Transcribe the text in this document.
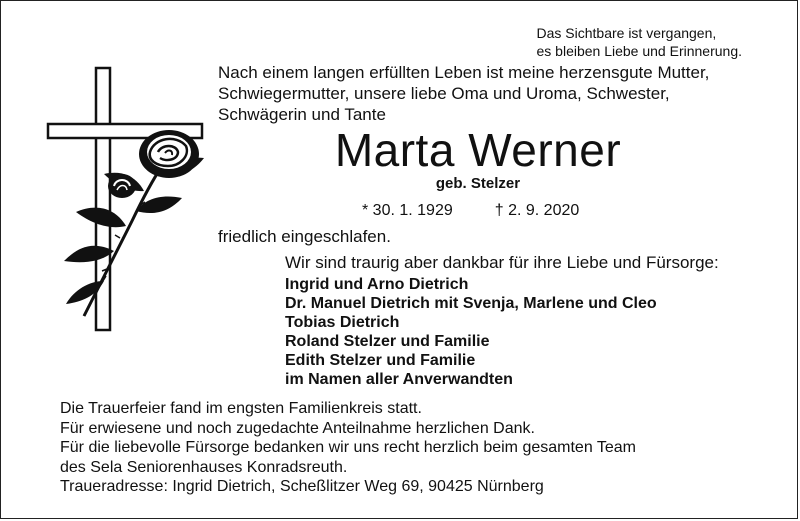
Das Sichtbare ist vergangen,
es bleiben Liebe und Erinnerung.
Nach einem langen erfüllten Leben ist meine herzensgute Mutter,
Schwiegermutter, unsere liebe Oma und Uroma, Schwester,
Schwägerin und Tante
Marta Werner
geb. Stelzer
* 30. 1. 1929	† 2. 9. 2020
friedlich eingeschlafen.
Wir sind traurig aber dankbar für ihre Liebe und Fürsorge:
Ingrid und Arno Dietrich
Dr. Manuel Dietrich mit Svenja, Marlene und Cleo
Tobias Dietrich
Roland Stelzer und Familie
Edith Stelzer und Familie
im Namen aller Anverwandten
Die Trauerfeier fand im engsten Familienkreis statt.
Für erwiesene und noch zugedachte Anteilnahme herzlichen Dank.
Für die liebevolle Fürsorge bedanken wir uns recht herzlich beim gesamten Team
des Sela Seniorenhauses Konradsreuth.
Traueradresse: Ingrid Dietrich, Scheßlitzer Weg 69, 90425 Nürnberg
